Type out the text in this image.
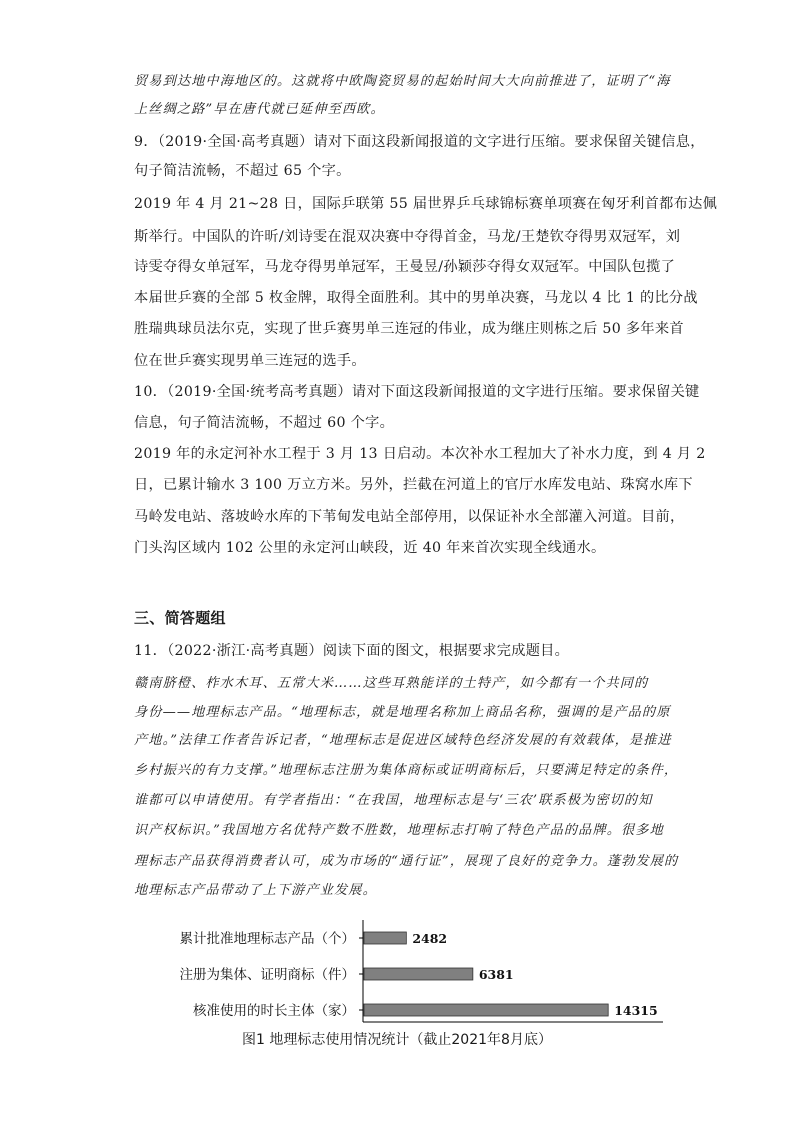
贸易到达地中海地区的。这就将中欧陶瓷贸易的起始时间大大向前推进了，证明了“海
上丝绸之路”早在唐代就已延伸至西欧。
9．（2019·全国·高考真题）请对下面这段新闻报道的文字进行压缩。要求保留关键信息，
句子简洁流畅，不超过 65 个字。
2019 年 4 月 21~28 日，国际乒联第 55 届世界乒乓球锦标赛单项赛在匈牙利首都布达佩
斯举行。中国队的许昕/刘诗雯在混双决赛中夺得首金，马龙/王楚钦夺得男双冠军，刘
诗雯夺得女单冠军，马龙夺得男单冠军，王曼昱/孙颖莎夺得女双冠军。中国队包揽了
本届世乒赛的全部 5 枚金牌，取得全面胜利。其中的男单决赛，马龙以 4 比 1 的比分战
胜瑞典球员法尔克，实现了世乒赛男单三连冠的伟业，成为继庄则栋之后 50 多年来首
位在世乒赛实现男单三连冠的选手。
10．（2019·全国·统考高考真题）请对下面这段新闻报道的文字进行压缩。要求保留关键
信息，句子简洁流畅，不超过 60 个字。
2019 年的永定河补水工程于 3 月 13 日启动。本次补水工程加大了补水力度，到 4 月 2
日，已累计输水 3 100 万立方米。另外，拦截在河道上的官厅水库发电站、珠窝水库下
马岭发电站、落坡岭水库的下苇甸发电站全部停用，以保证补水全部灌入河道。目前，
门头沟区域内 102 公里的永定河山峡段，近 40 年来首次实现全线通水。
三、简答题组
11．（2022·浙江·高考真题）阅读下面的图文，根据要求完成题目。
赣南脐橙、柞水木耳、五常大米……这些耳熟能详的土特产，如今都有一个共同的
身份——地理标志产品。“地理标志，就是地理名称加上商品名称，强调的是产品的原
产地。”法律工作者告诉记者，“地理标志是促进区域特色经济发展的有效载体，是推进
乡村振兴的有力支撑。”地理标志注册为集体商标或证明商标后，只要满足特定的条件，
谁都可以申请使用。有学者指出：“在我国，地理标志是与‘三农’联系极为密切的知
识产权标识。”我国地方名优特产数不胜数，地理标志打响了特色产品的品牌。很多地
理标志产品获得消费者认可，成为市场的“通行证”，展现了良好的竞争力。蓬勃发展的
地理标志产品带动了上下游产业发展。
累计批准地理标志产品（个）	2482
注册为集体、证明商标（件）	6381
核准使用的时长主体（家）	14315
图1 地理标志使用情况统计（截止2021年8月底）
